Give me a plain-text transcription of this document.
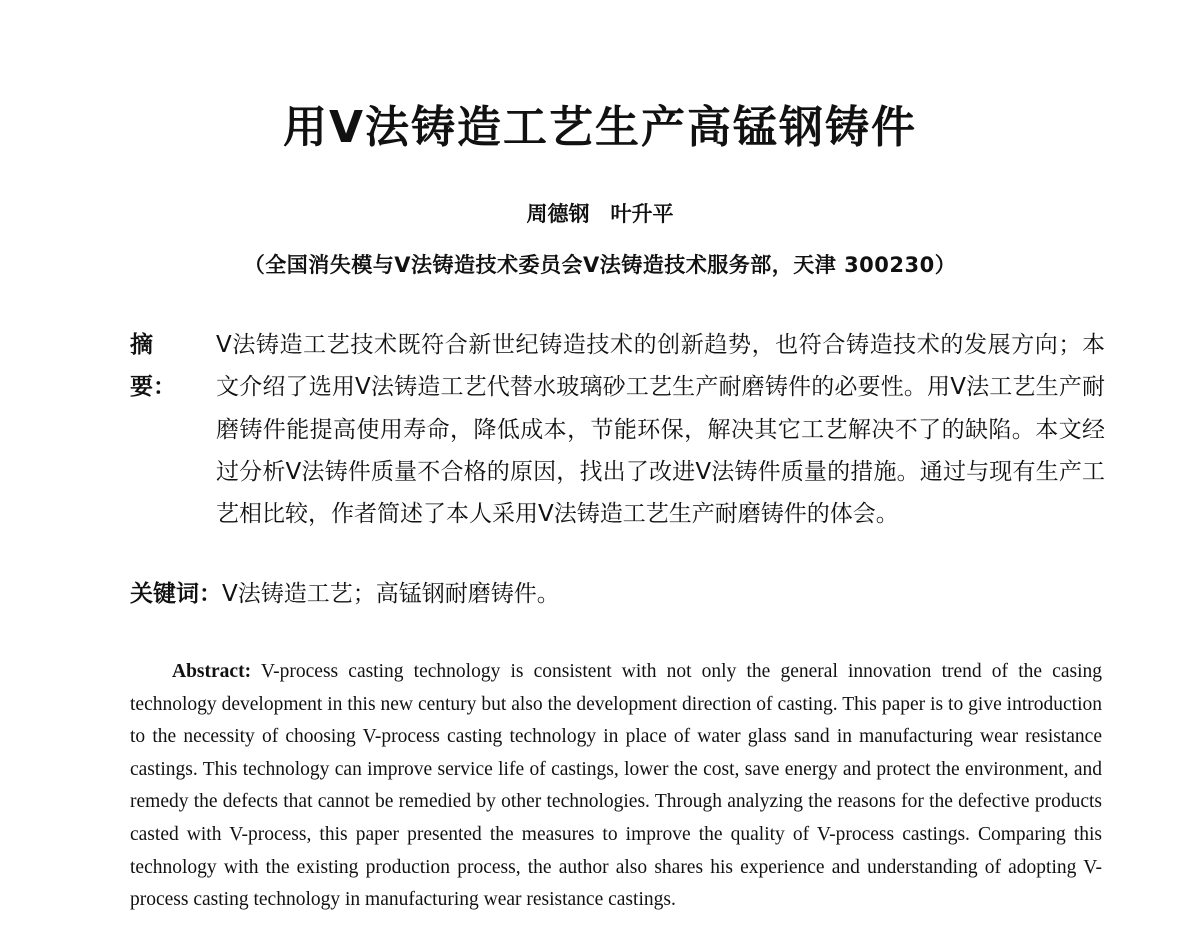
用V法铸造工艺生产高锰钢铸件
周德钢　叶升平
（全国消失模与V法铸造技术委员会V法铸造技术服务部，天津 300230）
摘　要：
V法铸造工艺技术既符合新世纪铸造技术的创新趋势，也符合铸造技术的发展方向；本文介绍了选用V法铸造工艺代替水玻璃砂工艺生产耐磨铸件的必要性。用V法工艺生产耐磨铸件能提高使用寿命，降低成本，节能环保，解决其它工艺解决不了的缺陷。本文经过分析V法铸件质量不合格的原因，找出了改进V法铸件质量的措施。通过与现有生产工艺相比较，作者简述了本人采用V法铸造工艺生产耐磨铸件的体会。
关键词：V法铸造工艺；高锰钢耐磨铸件。
Abstract: V-process casting technology is consistent with not only the general innovation trend of the casing technology development in this new century but also the development direction of casting. This paper is to give introduction to the necessity of choosing V-process casting technology in place of water glass sand in manufacturing wear resistance castings. This technology can improve service life of castings, lower the cost, save energy and protect the environment, and remedy the defects that cannot be remedied by other technologies. Through analyzing the reasons for the defective products casted with V-process, this paper presented the measures to improve the quality of V-process castings. Comparing this technology with the existing production process, the author also shares his experience and understanding of adopting V-process casting technology in manufacturing wear resistance castings.
